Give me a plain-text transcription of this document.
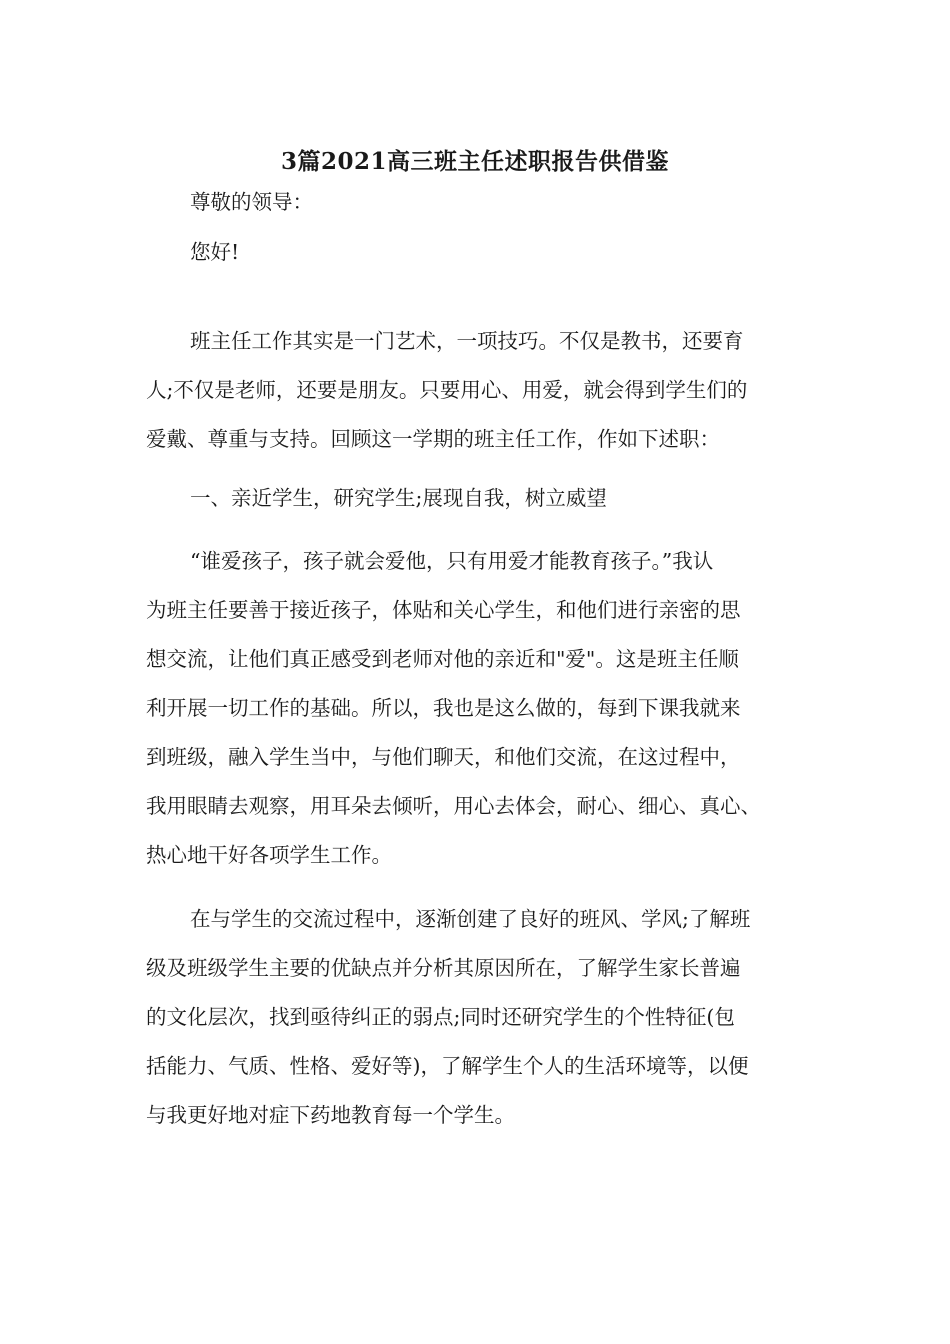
3篇2021高三班主任述职报告供借鉴

尊敬的领导：

您好!

班主任工作其实是一门艺术，一项技巧。不仅是教书，还要育
人;不仅是老师，还要是朋友。只要用心、用爱，就会得到学生们的
爱戴、尊重与支持。回顾这一学期的班主任工作，作如下述职：

一、亲近学生，研究学生;展现自我，树立威望

“谁爱孩子，孩子就会爱他，只有用爱才能教育孩子。”我认
为班主任要善于接近孩子，体贴和关心学生，和他们进行亲密的思
想交流，让他们真正感受到老师对他的亲近和"爱"。这是班主任顺
利开展一切工作的基础。所以，我也是这么做的，每到下课我就来
到班级，融入学生当中，与他们聊天，和他们交流，在这过程中，
我用眼睛去观察，用耳朵去倾听，用心去体会，耐心、细心、真心、
热心地干好各项学生工作。

在与学生的交流过程中，逐渐创建了良好的班风、学风;了解班
级及班级学生主要的优缺点并分析其原因所在，了解学生家长普遍
的文化层次，找到亟待纠正的弱点;同时还研究学生的个性特征(包
括能力、气质、性格、爱好等)，了解学生个人的生活环境等，以便
与我更好地对症下药地教育每一个学生。
